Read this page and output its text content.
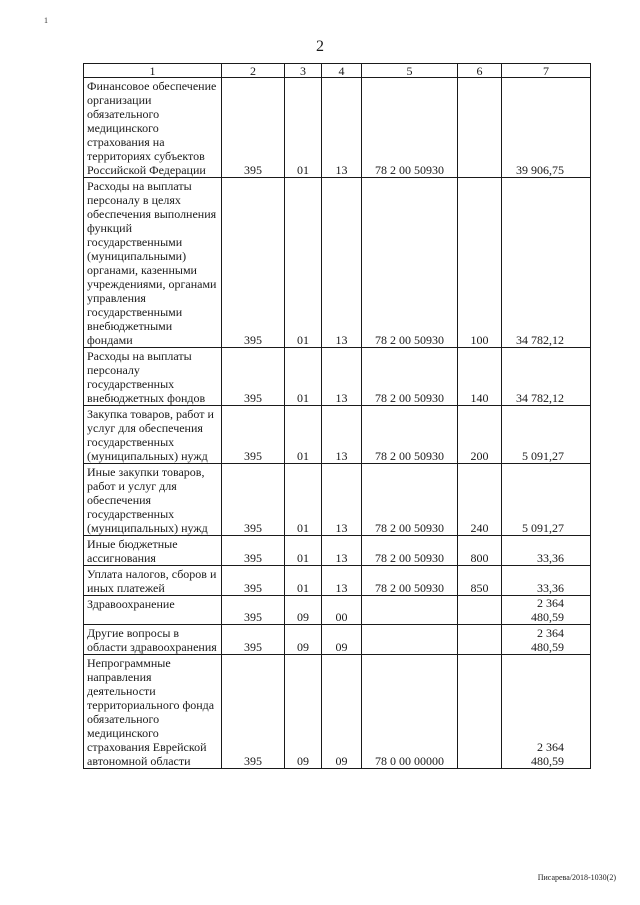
1
2
1	2	3	4	5	6	7
Финансовое обеспечение организации обязательного медицинского страхования на территориях субъектов Российской Федерации	395	01	13	78 2 00 50930		39 906,75
Расходы на выплаты персоналу в целях обеспечения выполнения функций государственными (муниципальными) органами, казенными учреждениями, органами управления государственными внебюджетными фондами	395	01	13	78 2 00 50930	100	34 782,12
Расходы на выплаты персоналу государственных внебюджетных фондов	395	01	13	78 2 00 50930	140	34 782,12
Закупка товаров, работ и услуг для обеспечения государственных (муниципальных) нужд	395	01	13	78 2 00 50930	200	5 091,27
Иные закупки товаров, работ и услуг для обеспечения государственных (муниципальных) нужд	395	01	13	78 2 00 50930	240	5 091,27
Иные бюджетные ассигнования	395	01	13	78 2 00 50930	800	33,36
Уплата налогов, сборов и иных платежей	395	01	13	78 2 00 50930	850	33,36
Здравоохранение	395	09	00			2 364 480,59
Другие вопросы в области здравоохранения	395	09	09			2 364 480,59
Непрограммные направления деятельности территориального фонда обязательного медицинского страхования Еврейской автономной области	395	09	09	78 0 00 00000		2 364 480,59
Писарева/2018-1030(2)
